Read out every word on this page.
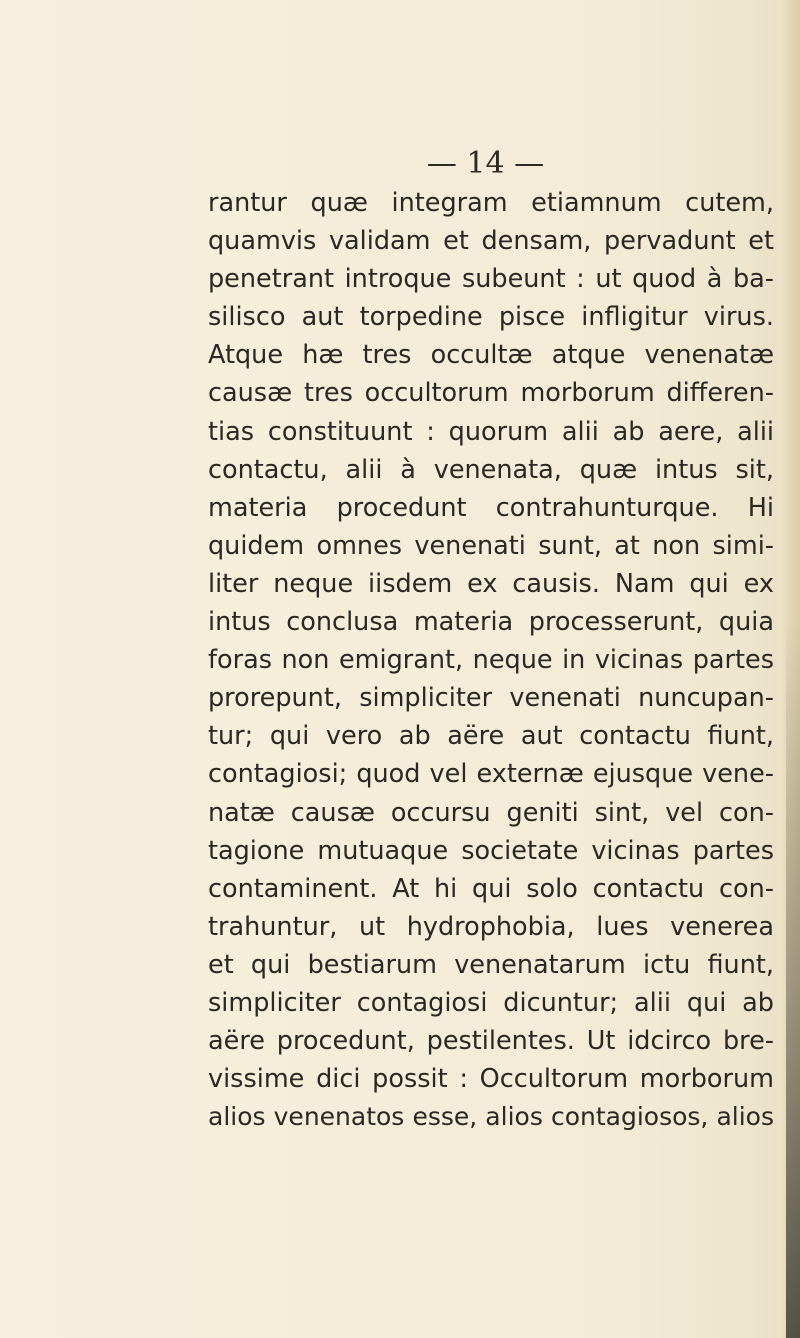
— 14 —
rantur quæ integram etiamnum cutem,
quamvis validam et densam, pervadunt et
penetrant introque subeunt : ut quod à ba-
silisco aut torpedine pisce infligitur virus.
Atque hæ tres occultæ atque venenatæ
causæ tres occultorum morborum differen-
tias constituunt : quorum alii ab aere, alii
contactu, alii à venenata, quæ intus sit,
materia procedunt contrahunturque. Hi
quidem omnes venenati sunt, at non simi-
liter neque iisdem ex causis. Nam qui ex
intus conclusa materia processerunt, quia
foras non emigrant, neque in vicinas partes
prorepunt, simpliciter venenati nuncupan-
tur; qui vero ab aëre aut contactu fiunt,
contagiosi; quod vel externæ ejusque vene-
natæ causæ occursu geniti sint, vel con-
tagione mutuaque societate vicinas partes
contaminent. At hi qui solo contactu con-
trahuntur, ut hydrophobia, lues venerea
et qui bestiarum venenatarum ictu fiunt,
simpliciter contagiosi dicuntur; alii qui ab
aëre procedunt, pestilentes. Ut idcirco bre-
vissime dici possit : Occultorum morborum
alios venenatos esse, alios contagiosos, alios
